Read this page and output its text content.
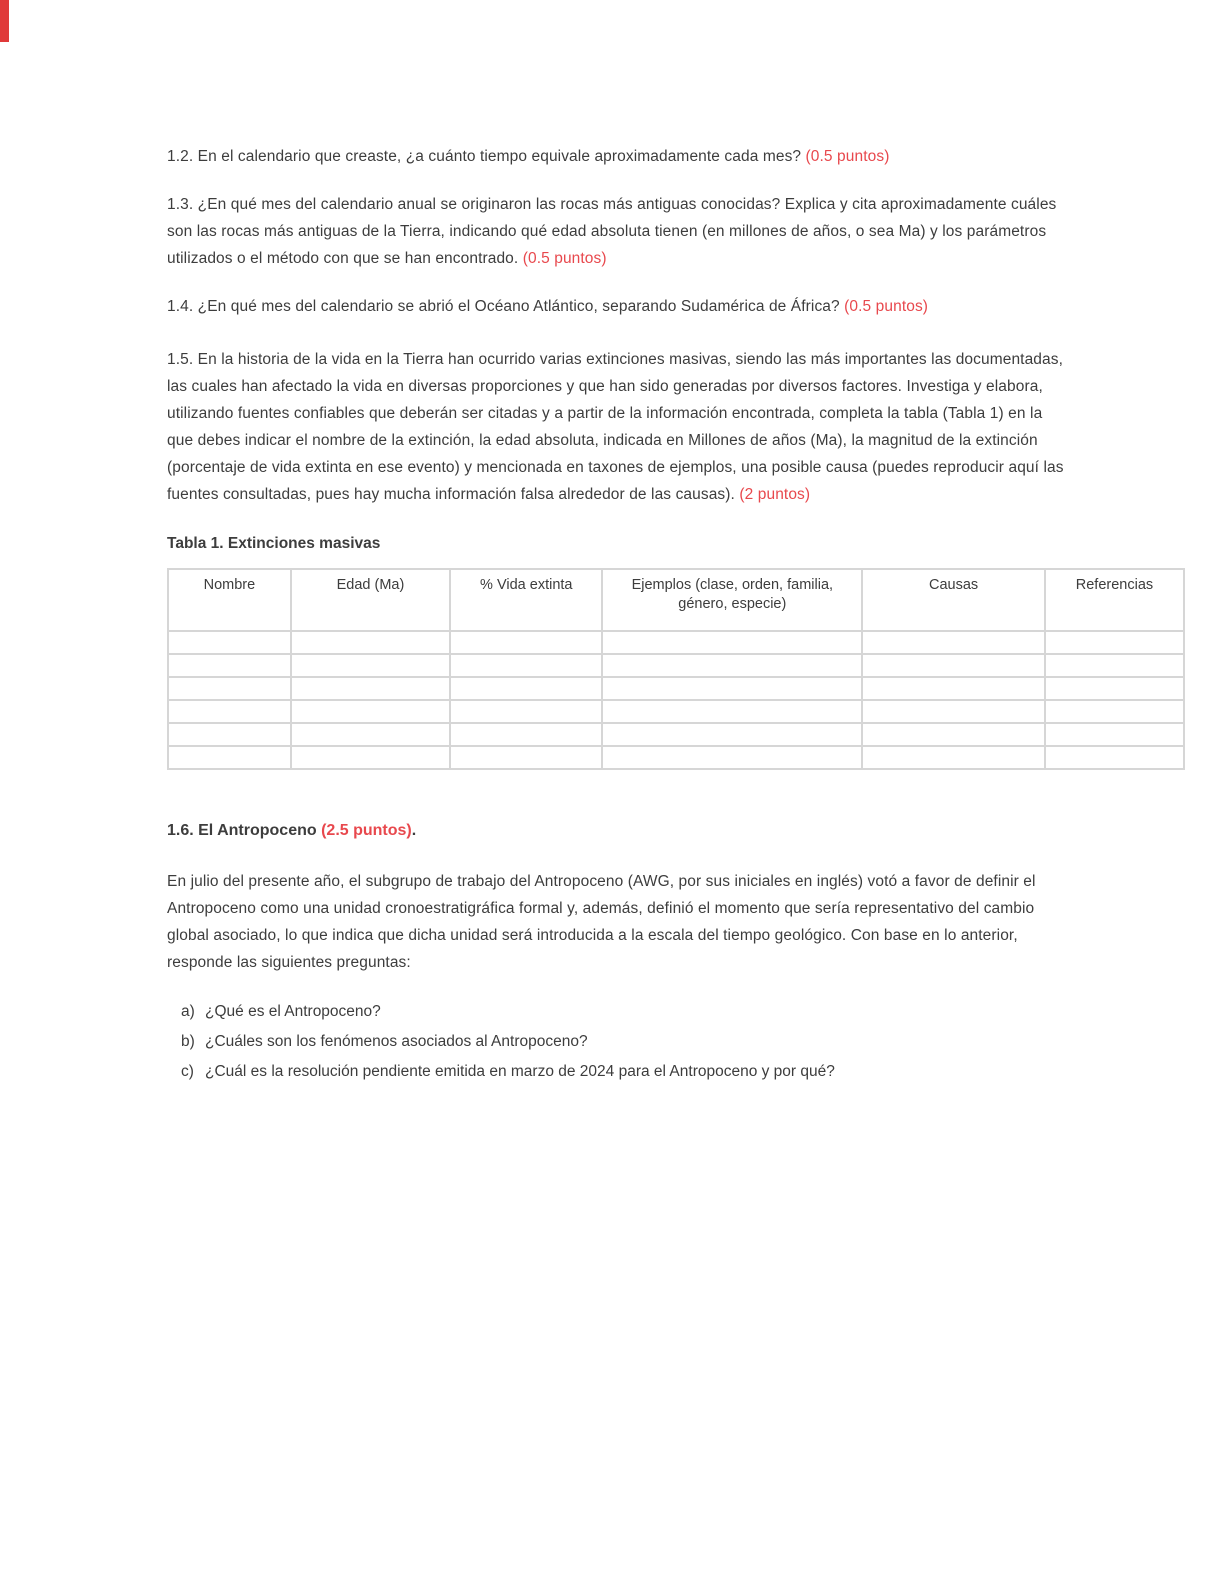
1.2. En el calendario que creaste, ¿a cuánto tiempo equivale aproximadamente cada mes? (0.5 puntos)

1.3. ¿En qué mes del calendario anual se originaron las rocas más antiguas conocidas? Explica y cita aproximadamente cuáles son las rocas más antiguas de la Tierra, indicando qué edad absoluta tienen (en millones de años, o sea Ma) y los parámetros utilizados o el método con que se han encontrado. (0.5 puntos)

1.4. ¿En qué mes del calendario se abrió el Océano Atlántico, separando Sudamérica de África? (0.5 puntos)

1.5. En la historia de la vida en la Tierra han ocurrido varias extinciones masivas, siendo las más importantes las documentadas, las cuales han afectado la vida en diversas proporciones y que han sido generadas por diversos factores. Investiga y elabora, utilizando fuentes confiables que deberán ser citadas y a partir de la información encontrada, completa la tabla (Tabla 1) en la que debes indicar el nombre de la extinción, la edad absoluta, indicada en Millones de años (Ma), la magnitud de la extinción (porcentaje de vida extinta en ese evento) y mencionada en taxones de ejemplos, una posible causa (puedes reproducir aquí las fuentes consultadas, pues hay mucha información falsa alrededor de las causas). (2 puntos)

Tabla 1. Extinciones masivas

Nombre	Edad (Ma)	% Vida extinta	Ejemplos (clase, orden, familia, género, especie)	Causas	Referencias

1.6. El Antropoceno (2.5 puntos).

En julio del presente año, el subgrupo de trabajo del Antropoceno (AWG, por sus iniciales en inglés) votó a favor de definir el Antropoceno como una unidad cronoestratigráfica formal y, además, definió el momento que sería representativo del cambio global asociado, lo que indica que dicha unidad será introducida a la escala del tiempo geológico. Con base en lo anterior, responde las siguientes preguntas:

a) ¿Qué es el Antropoceno?
b) ¿Cuáles son los fenómenos asociados al Antropoceno?
c) ¿Cuál es la resolución pendiente emitida en marzo de 2024 para el Antropoceno y por qué?
